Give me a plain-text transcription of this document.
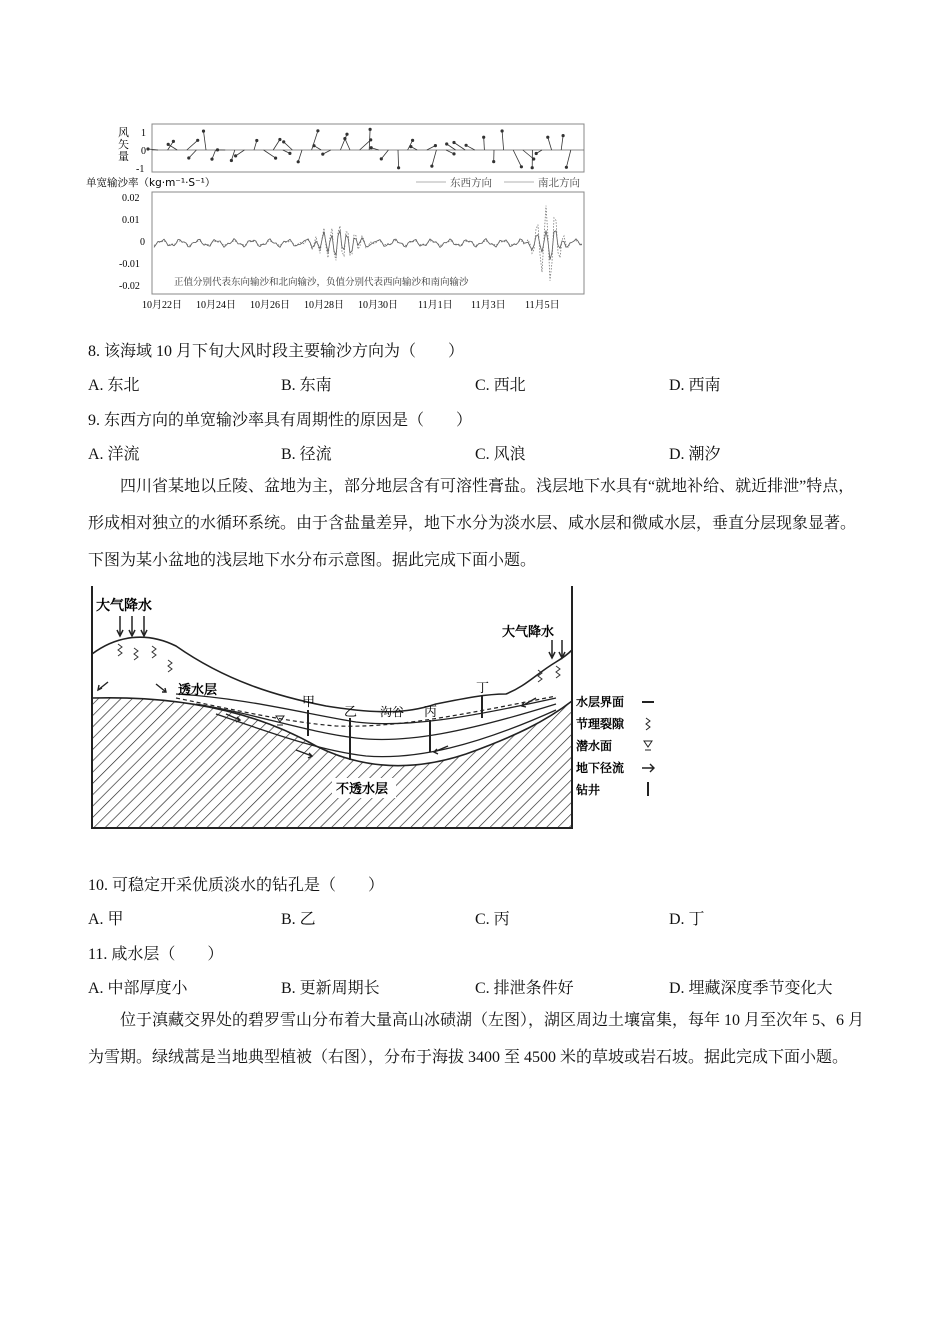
风
矢
量
1
0
-1
单宽输沙率（kg·m⁻¹·S⁻¹）	东西方向	南北方向
0.02
0.01
0
-0.01
-0.02	正值分别代表东向输沙和北向输沙，负值分别代表西向输沙和南向输沙
10月22日 10月24日 10月26日 10月28日 10月30日 11月1日 11月3日 11月5日
8. 该海域 10 月下旬大风时段主要输沙方向为（　　）
A. 东北	B. 东南	C. 西北	D. 西南
9. 东西方向的单宽输沙率具有周期性的原因是（　　）
A. 洋流	B. 径流	C. 风浪	D. 潮汐
四川省某地以丘陵、盆地为主，部分地层含有可溶性膏盐。浅层地下水具有“就地补给、就近排泄”特点，形成相对独立的水循环系统。由于含盐量差异，地下水分为淡水层、咸水层和微咸水层，垂直分层现象显著。下图为某小盆地的浅层地下水分布示意图。据此完成下面小题。
大气降水
大气降水
甲
乙	丙
丁
沟谷
透水层
不透水层
水层界面
节理裂隙
潜水面
地下径流
钻井
10. 可稳定开采优质淡水的钻孔是（　　）
A. 甲	B. 乙	C. 丙	D. 丁
11. 咸水层（　　）
A. 中部厚度小	B. 更新周期长	C. 排泄条件好	D. 埋藏深度季节变化大
位于滇藏交界处的碧罗雪山分布着大量高山冰碛湖（左图），湖区周边土壤富集，每年 10 月至次年 5、6 月为雪期。绿绒蒿是当地典型植被（右图），分布于海拔 3400 至 4500 米的草坡或岩石坡。据此完成下面小题。
